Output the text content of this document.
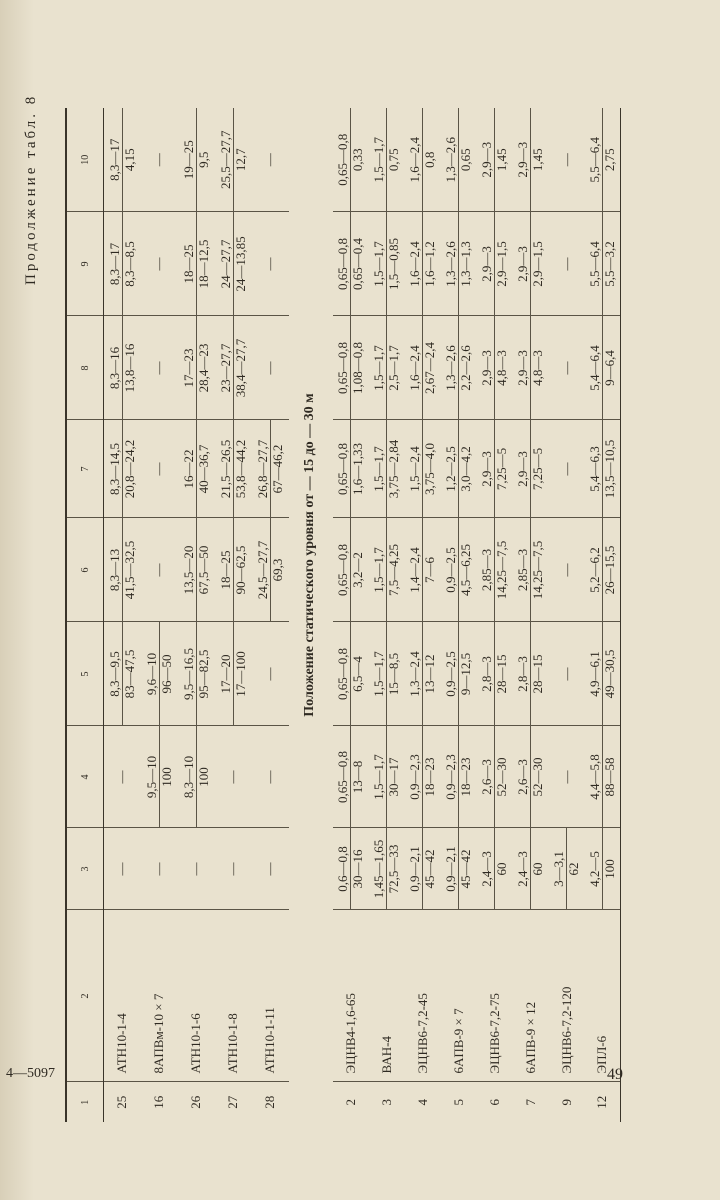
Продолжение табл. 8
Положение статического уровня от — 15 до — 30 м
1	2	3	4	5	6	7	8	9	10
25	АТН10-1-4	—	—	8,3—9,5 83—47,5	8,3—13 41,5—32,5	8,3—14,5 20,8—24,2	8,3—16 13,8—16	8,3—17 8,3—8,5	8,3—17 4,15

16	8АПВм-10 × 7	—	9,5—10 100	9,6—10 96—50	—	—	—	—	—

26	АТН10-1-6	—	8,3—10 100	9,5—16,5 95—82,5	13,5—20 67,5—50	16—22 40—36,7	17—23 28,4—23	18—25 18—12,5	19—25 9,5

27	АТН10-1-8	—	—	17—20 17—100	18—25 90—62,5	21,5—26,5 53,8—44,2	23—27,7 38,4—27,7	24—27,7 24—13,85	25,5—27,7 12,7

28	АТН10-1-11	—	—	—	24,5—27,7 69,3	26,8—27,7 67—46,2	—	—	—

2	ЭЦНВ4-1,6-65	0,6—0,8 30—16	0,65—0,8 13—8	0,65—0,8 6,5—4	0,65—0,8 3,2—2	0,65—0,8 1,6—1,33	0,65—0,8 1,08—0,8	0,65—0,8 0,65—0,4	0,65—0,8 0,33

3	ВАН-4	1,45—1,65 72,5—33	1,5—1,7 30—17	1,5—1,7 15—8,5	1,5—1,7 7,5—4,25	1,5—1,7 3,75—2,84	1,5—1,7 2,5—1,7	1,5—1,7 1,5—0,85	1,5—1,7 0,75

4	ЭЦНВ6-7,2-45	0,9—2,1 45—42	0,9—2,3 18—23	1,3—2,4 13—12	1,4—2,4 7—6	1,5—2,4 3,75—4,0	1,6—2,4 2,67—2,4	1,6—2,4 1,6—1,2	1,6—2,4 0,8

5	6АПВ-9 × 7	0,9—2,1 45—42	0,9—2,3 18—23	0,9—2,5 9—12,5	0,9—2,5 4,5—6,25	1,2—2,5 3,0—4,2	1,3—2,6 2,2—2,6	1,3—2,6 1,3—1,3	1,3—2,6 0,65

6	ЭЦНВ6-7,2-75	2,4—3 60	2,6—3 52—30	2,8—3 28—15	2,85—3 14,25—7,5	2,9—3 7,25—5	2,9—3 4,8—3	2,9—3 2,9—1,5	2,9—3 1,45

7	6АПВ-9 × 12	2,4—3 60	2,6—3 52—30	2,8—3 28—15	2,85—3 14,25—7,5	2,9—3 7,25—5	2,9—3 4,8—3	2,9—3 2,9—1,5	2,9—3 1,45

9	ЭЦНВ6-7,2-120	3—3,1 62	—	—	—	—	—	—	—

12	ЭПЛ-6	4,2—5 100	4,4—5,8 88—58	4,9—6,1 49—30,5	5,2—6,2 26—15,5	5,4—6,3 13,5—10,5	5,4—6,4 9—6,4	5,5—6,4 5,5—3,2	5,5—6,4 2,75
4—5097	49
